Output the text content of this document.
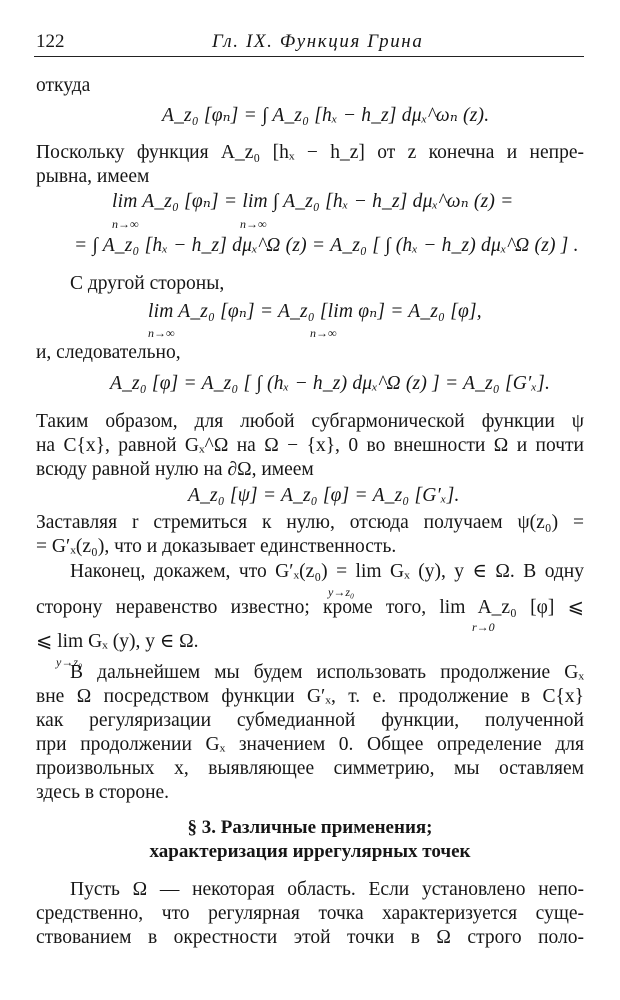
122	Гл. IX. Функция Грина
откуда
A_z₀ [φₙ] = ∫ A_z₀ [hₓ − h_z] dμₓ^ωₙ (z).
Поскольку функция A_z₀ [hₓ − h_z] от z конечна и непре-
рывна, имеем
lim A_z₀ [φₙ] = lim ∫ A_z₀ [hₓ − h_z] dμₓ^ωₙ (z) =
n→∞	n→∞
= ∫ A_z₀ [hₓ − h_z] dμₓ^Ω (z) = A_z₀ [ ∫ (hₓ − h_z) dμₓ^Ω (z) ] .
С другой стороны,
lim A_z₀ [φₙ] = A_z₀ [lim φₙ] = A_z₀ [φ],
n→∞	n→∞
и, следовательно,
A_z₀ [φ] = A_z₀ [ ∫ (hₓ − h_z) dμₓ^Ω (z) ] = A_z₀ [G′ₓ].
Таким образом, для любой субгармонической функции ψ
на C{x}, равной Gₓ^Ω на Ω − {x}, 0 во внешности Ω и почти
всюду равной нулю на ∂Ω, имеем
A_z₀ [ψ] = A_z₀ [φ] = A_z₀ [G′ₓ].
Заставляя r стремиться к нулю, отсюда получаем ψ(z₀) =
= G′ₓ(z₀), что и доказывает единственность.
Наконец, докажем, что G′ₓ(z₀) = lim Gₓ (y), y ∈ Ω. В одну
y→z₀
сторону неравенство известно; кроме того, lim A_z₀ [φ] ⩽
r→0
⩽ lim Gₓ (y), y ∈ Ω.
y→z₀
В дальнейшем мы будем использовать продолжение Gₓ
вне Ω посредством функции G′ₓ, т. е. продолжение в C{x}
как регуляризации субмедианной функции, полученной
при продолжении Gₓ значением 0. Общее определение для
произвольных x, выявляющее симметрию, мы оставляем
здесь в стороне.
§ 3. Различные применения;
характеризация иррегулярных точек
Пусть Ω — некоторая область. Если установлено непо-
средственно, что регулярная точка характеризуется суще-
ствованием в окрестности этой точки в Ω строго поло-
